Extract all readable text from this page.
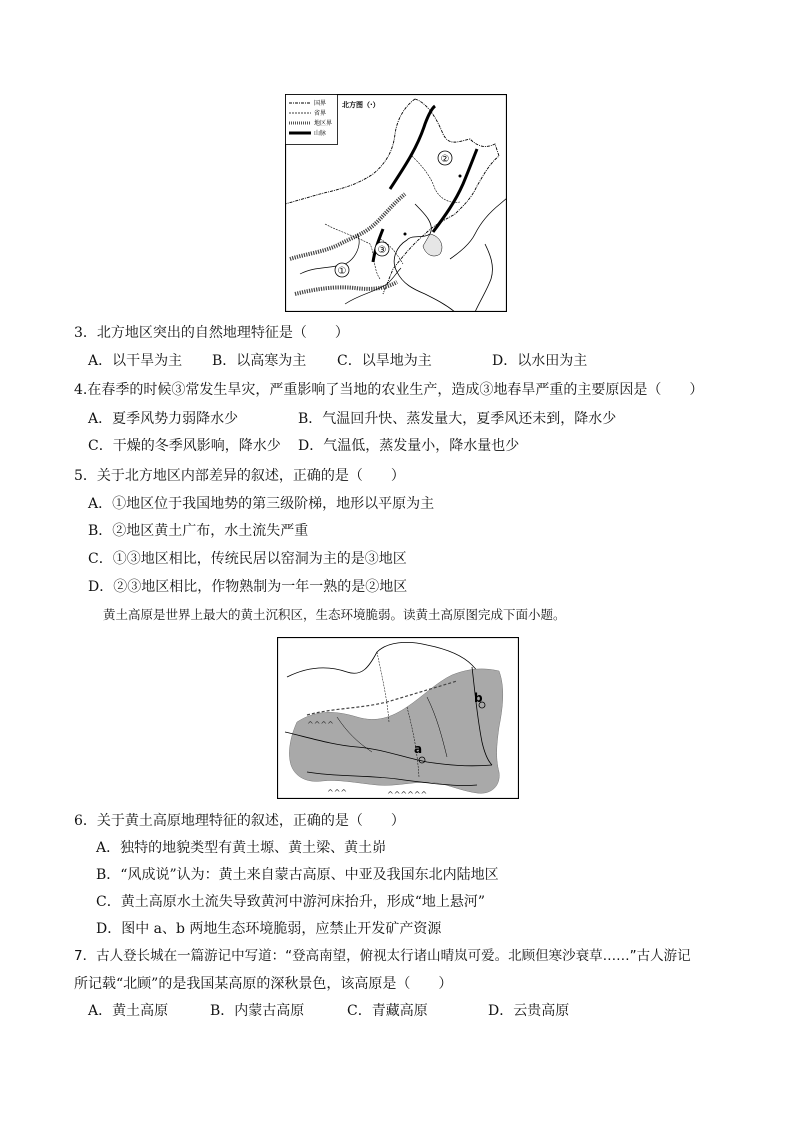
国界
省界
地区界
山脉
北方图（·）
②
③
①
3．北方地区突出的自然地理特征是（　　）
A．以干旱为主 B．以高寒为主 C．以旱地为主	D．以水田为主
4.在春季的时候③常发生旱灾，严重影响了当地的农业生产，造成③地春旱严重的主要原因是（　　）
A．夏季风势力弱降水少	B．气温回升快、蒸发量大，夏季风还未到，降水少
C．干燥的冬季风影响，降水少 D．气温低，蒸发量小，降水量也少
5．关于北方地区内部差异的叙述，正确的是（　　）
A．①地区位于我国地势的第三级阶梯，地形以平原为主
B．②地区黄土广布，水土流失严重
C．①③地区相比，传统民居以窑洞为主的是③地区
D．②③地区相比，作物熟制为一年一熟的是②地区
黄土高原是世界上最大的黄土沉积区，生态环境脆弱。读黄土高原图完成下面小题。
^^^^
^^^^^^
^^^
a
b
6．关于黄土高原地理特征的叙述，正确的是（　　）
A．独特的地貌类型有黄土塬、黄土梁、黄土峁
B．“风成说”认为：黄土来自蒙古高原、中亚及我国东北内陆地区
C．黄土高原水土流失导致黄河中游河床抬升，形成“地上悬河”
D．图中 a、b 两地生态环境脆弱，应禁止开发矿产资源
7．古人登长城在一篇游记中写道：“登高南望，俯视太行诸山晴岚可爱。北顾但寒沙衰草……”古人游记
所记载“北顾”的是我国某高原的深秋景色，该高原是（　　）
A．黄土高原	B．内蒙古高原	C．青藏高原	D．云贵高原
